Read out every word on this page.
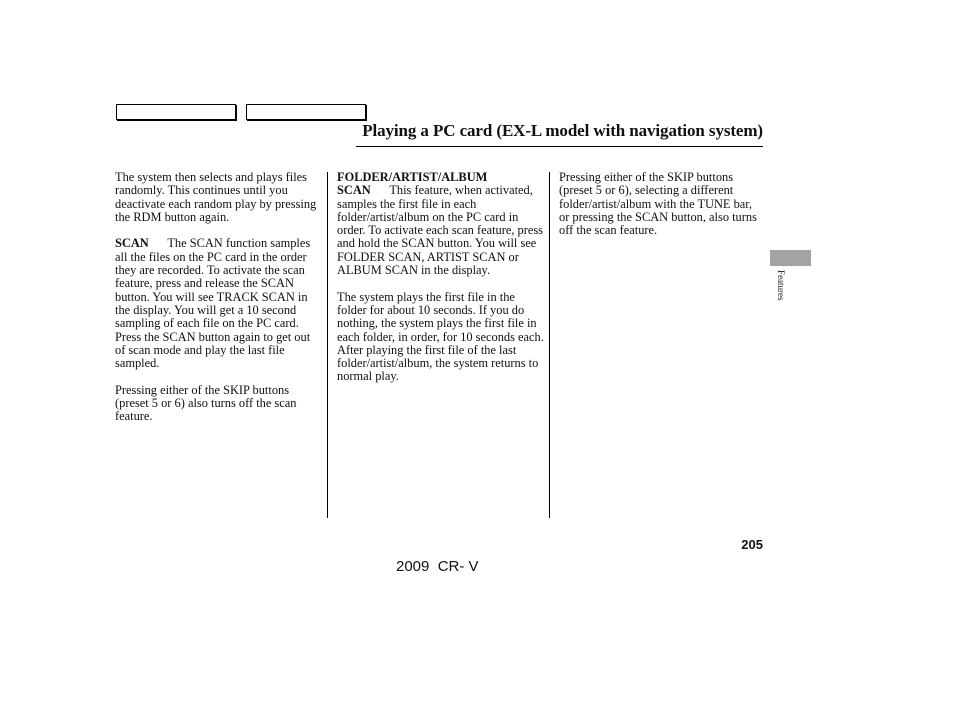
Playing a PC card (EX-L model with navigation system)

The system then selects and plays files randomly. This continues until you deactivate each random play by pressing the RDM button again.

SCAN The SCAN function samples all the files on the PC card in the order they are recorded. To activate the scan feature, press and release the SCAN button. You will see TRACK SCAN in the display. You will get a 10 second sampling of each file on the PC card. Press the SCAN button again to get out of scan mode and play the last file sampled.

Pressing either of the SKIP buttons (preset 5 or 6) also turns off the scan feature.

FOLDER/ARTIST/ALBUM SCAN This feature, when activated, samples the first file in each folder/artist/album on the PC card in order. To activate each scan feature, press and hold the SCAN button. You will see FOLDER SCAN, ARTIST SCAN or ALBUM SCAN in the display.

The system plays the first file in the folder for about 10 seconds. If you do nothing, the system plays the first file in each folder, in order, for 10 seconds each. After playing the first file of the last folder/artist/album, the system returns to normal play.

Pressing either of the SKIP buttons (preset 5 or 6), selecting a different folder/artist/album with the TUNE bar, or pressing the SCAN button, also turns off the scan feature.

Features
205
2009  CR- V
